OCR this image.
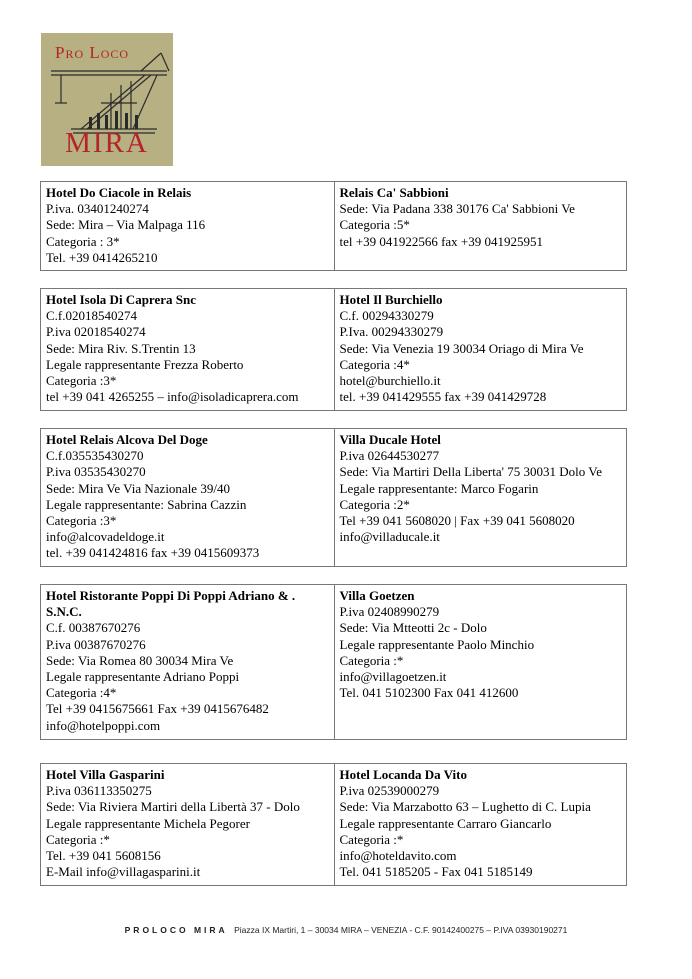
Pro Loco
MIRA
Hotel Do Ciacole in Relais
P.iva. 03401240274
Sede: Mira – Via Malpaga 116
Categoria : 3*
Tel. +39 0414265210
Relais Ca' Sabbioni
Sede: Via Padana 338 30176 Ca' Sabbioni Ve
Categoria :5*
tel +39 041922566 fax +39 041925951
Hotel Isola Di Caprera Snc
C.f.02018540274
P.iva 02018540274
Sede: Mira Riv. S.Trentin 13
Legale rappresentante Frezza Roberto
Categoria :3*
tel +39 041 4265255 – info@isoladicaprera.com
Hotel Il Burchiello
C.f. 00294330279
P.Iva. 00294330279
Sede: Via Venezia 19 30034 Oriago di Mira Ve
Categoria :4*
hotel@burchiello.it
tel. +39 041429555 fax +39 041429728
Hotel Relais Alcova Del Doge
C.f.035535430270
P.iva 03535430270
Sede: Mira Ve Via Nazionale 39/40
Legale rappresentante: Sabrina Cazzin
Categoria :3*
info@alcovadeldoge.it
tel. +39 041424816 fax +39 0415609373
Villa Ducale Hotel
P.iva 02644530277
Sede: Via Martiri Della Liberta' 75 30031 Dolo Ve
Legale rappresentante: Marco Fogarin
Categoria :2*
Tel +39 041 5608020 | Fax +39 041 5608020
info@villaducale.it
Hotel Ristorante Poppi Di Poppi Adriano & . S.N.C.
C.f. 00387670276
P.iva 00387670276
Sede: Via Romea 80 30034 Mira Ve
Legale rappresentante Adriano Poppi
Categoria :4*
Tel +39 0415675661 Fax +39 0415676482
info@hotelpoppi.com
Villa Goetzen
P.iva 02408990279
Sede: Via Mtteotti 2c - Dolo
Legale rappresentante Paolo Minchio
Categoria :*
info@villagoetzen.it
Tel. 041 5102300 Fax 041 412600
Hotel Villa Gasparini
P.iva 036113350275
Sede: Via Riviera Martiri della Libertà 37 - Dolo
Legale rappresentante Michela Pegorer
Categoria :*
Tel. +39 041 5608156
E-Mail info@villagasparini.it
Hotel Locanda Da Vito
P.iva 02539000279
Sede: Via Marzabotto 63 – Lughetto di C. Lupia
Legale rappresentante Carraro Giancarlo
Categoria :*
info@hoteldavito.com
Tel. 041 5185205 - Fax 041 5185149
PROLOCO MIRA Piazza IX Martiri, 1 – 30034 MIRA – VENEZIA - C.F. 90142400275 – P.IVA 03930190271
